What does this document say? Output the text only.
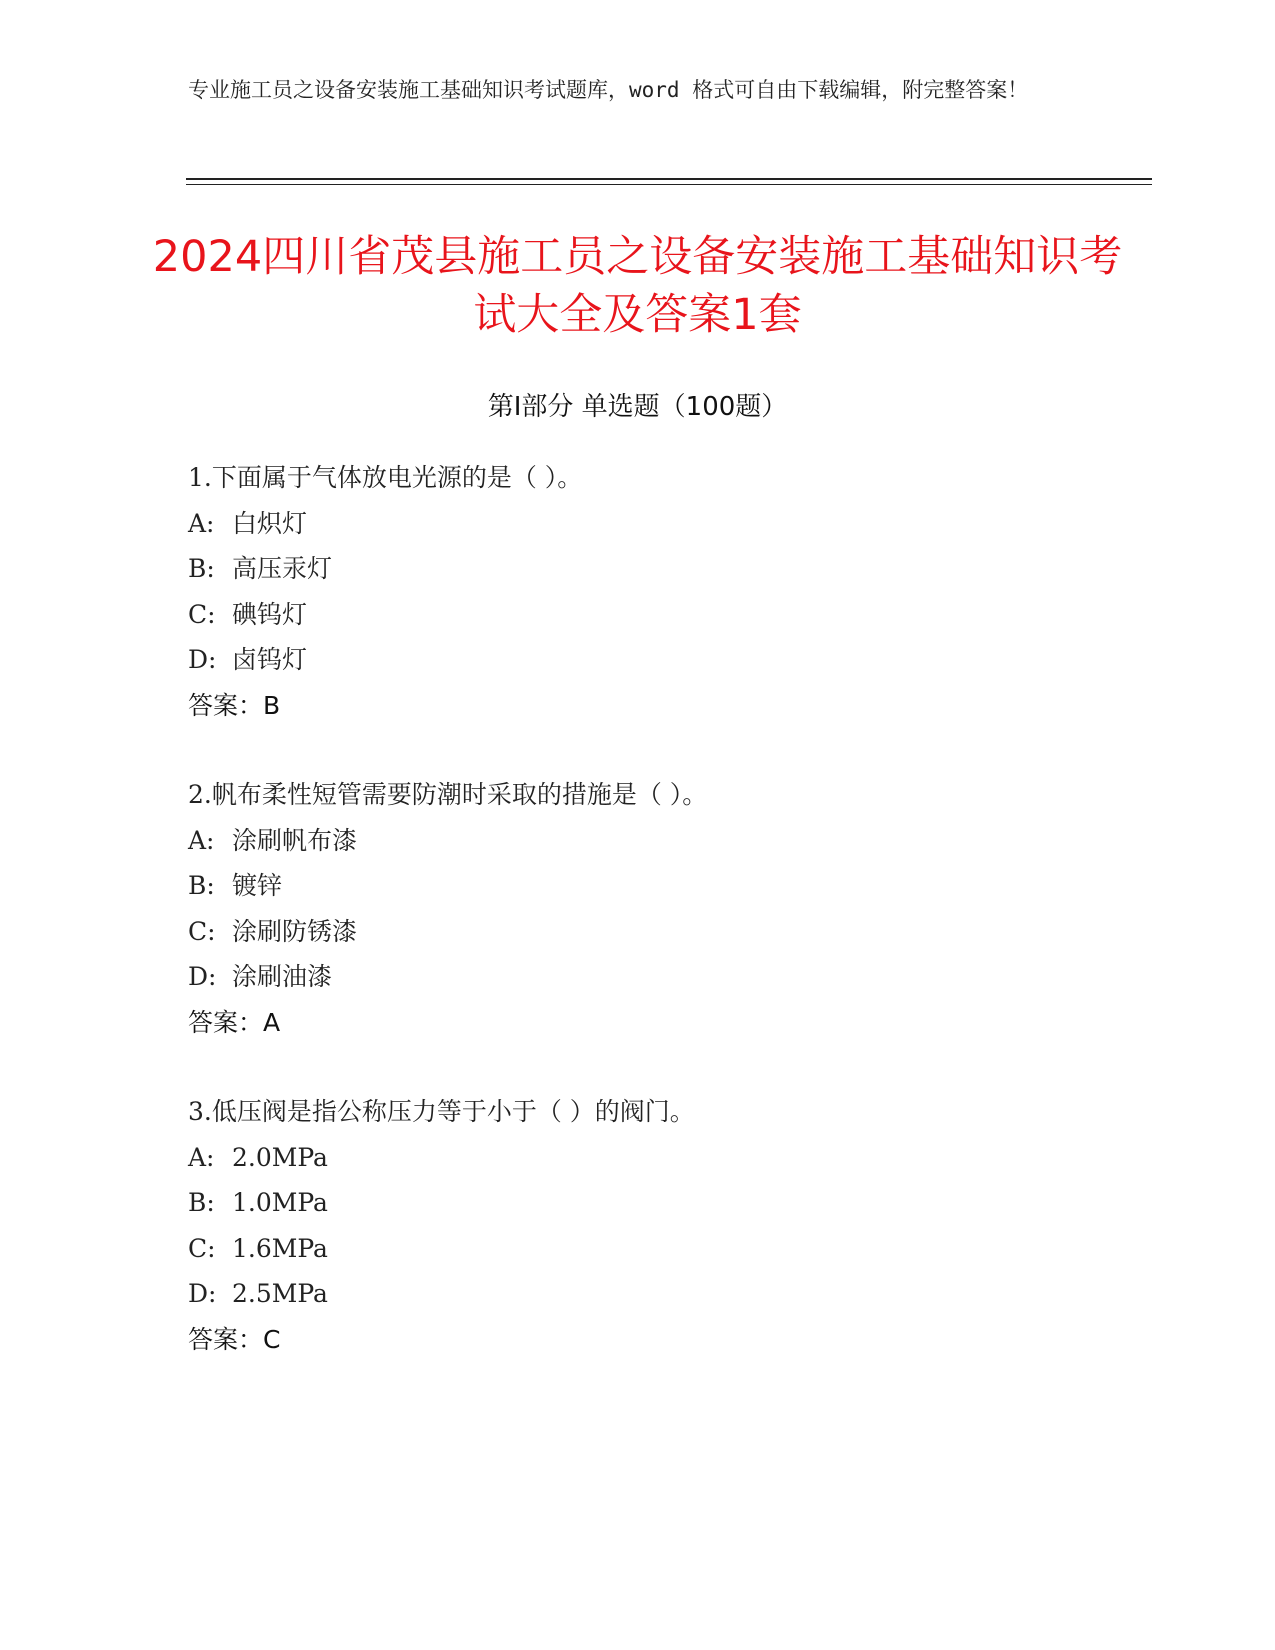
专业施工员之设备安装施工基础知识考试题库，word 格式可自由下载编辑，附完整答案！
2024四川省茂县施工员之设备安装施工基础知识考试大全及答案1套
第Ⅰ部分 单选题（100题）
1.下面属于气体放电光源的是（ ）。
A: 白炽灯
B: 高压汞灯
C: 碘钨灯
D: 卤钨灯
答案：B
2.帆布柔性短管需要防潮时采取的措施是（ ）。
A: 涂刷帆布漆
B: 镀锌
C: 涂刷防锈漆
D: 涂刷油漆
答案：A
3.低压阀是指公称压力等于小于（ ）的阀门。
A: 2.0MPa
B: 1.0MPa
C: 1.6MPa
D: 2.5MPa
答案：C
